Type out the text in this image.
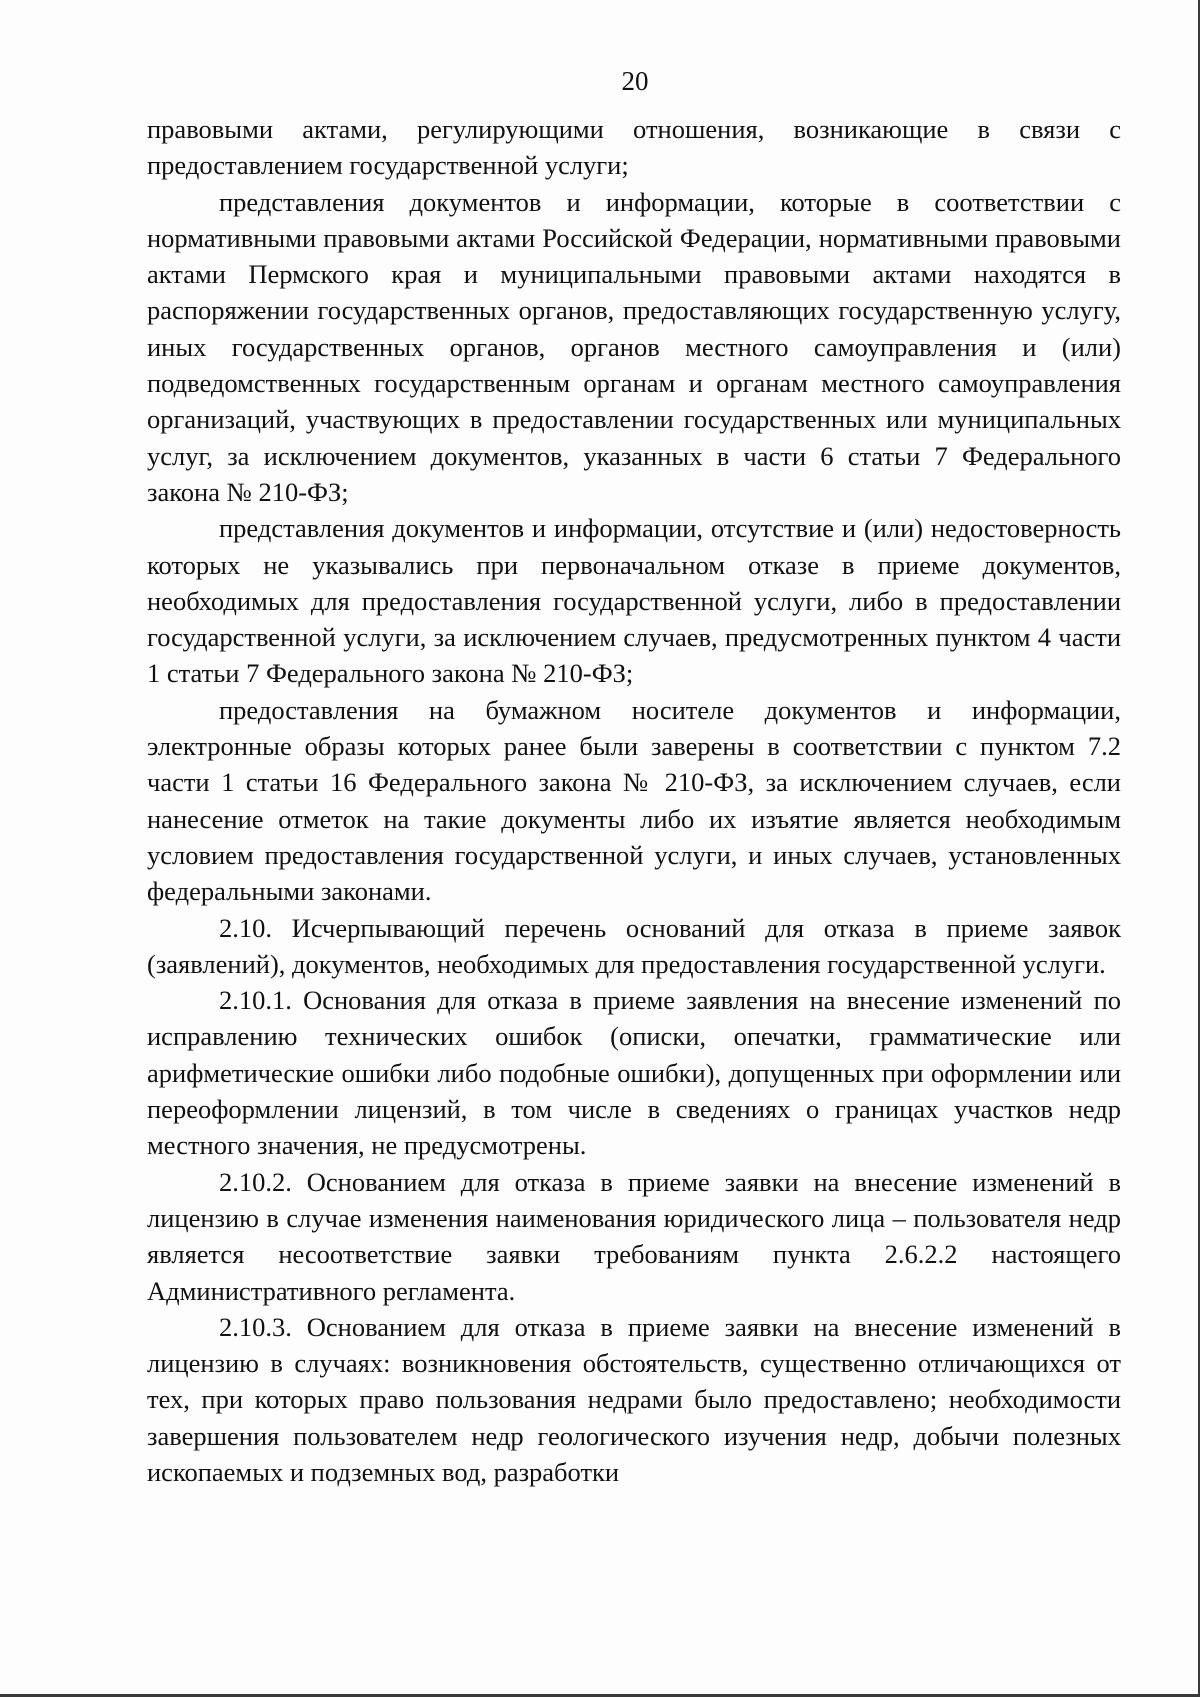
20

правовыми актами, регулирующими отношения, возникающие в связи с предоставлением государственной услуги;

представления документов и информации, которые в соответствии с нормативными правовыми актами Российской Федерации, нормативными правовыми актами Пермского края и муниципальными правовыми актами находятся в распоряжении государственных органов, предоставляющих государственную услугу, иных государственных органов, органов местного самоуправления и (или) подведомственных государственным органам и органам местного самоуправления организаций, участвующих в предоставлении государственных или муниципальных услуг, за исключением документов, указанных в части 6 статьи 7 Федерального закона № 210-ФЗ;

представления документов и информации, отсутствие и (или) недостоверность которых не указывались при первоначальном отказе в приеме документов, необходимых для предоставления государственной услуги, либо в предоставлении государственной услуги, за исключением случаев, предусмотренных пунктом 4 части 1 статьи 7 Федерального закона № 210-ФЗ;

предоставления на бумажном носителе документов и информации, электронные образы которых ранее были заверены в соответствии с пунктом 7.2 части 1 статьи 16 Федерального закона № 210-ФЗ, за исключением случаев, если нанесение отметок на такие документы либо их изъятие является необходимым условием предоставления государственной услуги, и иных случаев, установленных федеральными законами.

2.10. Исчерпывающий перечень оснований для отказа в приеме заявок (заявлений), документов, необходимых для предоставления государственной услуги.

2.10.1. Основания для отказа в приеме заявления на внесение изменений по исправлению технических ошибок (описки, опечатки, грамматические или арифметические ошибки либо подобные ошибки), допущенных при оформлении или переоформлении лицензий, в том числе в сведениях о границах участков недр местного значения, не предусмотрены.

2.10.2. Основанием для отказа в приеме заявки на внесение изменений в лицензию в случае изменения наименования юридического лица – пользователя недр является несоответствие заявки требованиям пункта 2.6.2.2 настоящего Административного регламента.

2.10.3. Основанием для отказа в приеме заявки на внесение изменений в лицензию в случаях: возникновения обстоятельств, существенно отличающихся от тех, при которых право пользования недрами было предоставлено; необходимости завершения пользователем недр геологического изучения недр, добычи полезных ископаемых и подземных вод, разработки
